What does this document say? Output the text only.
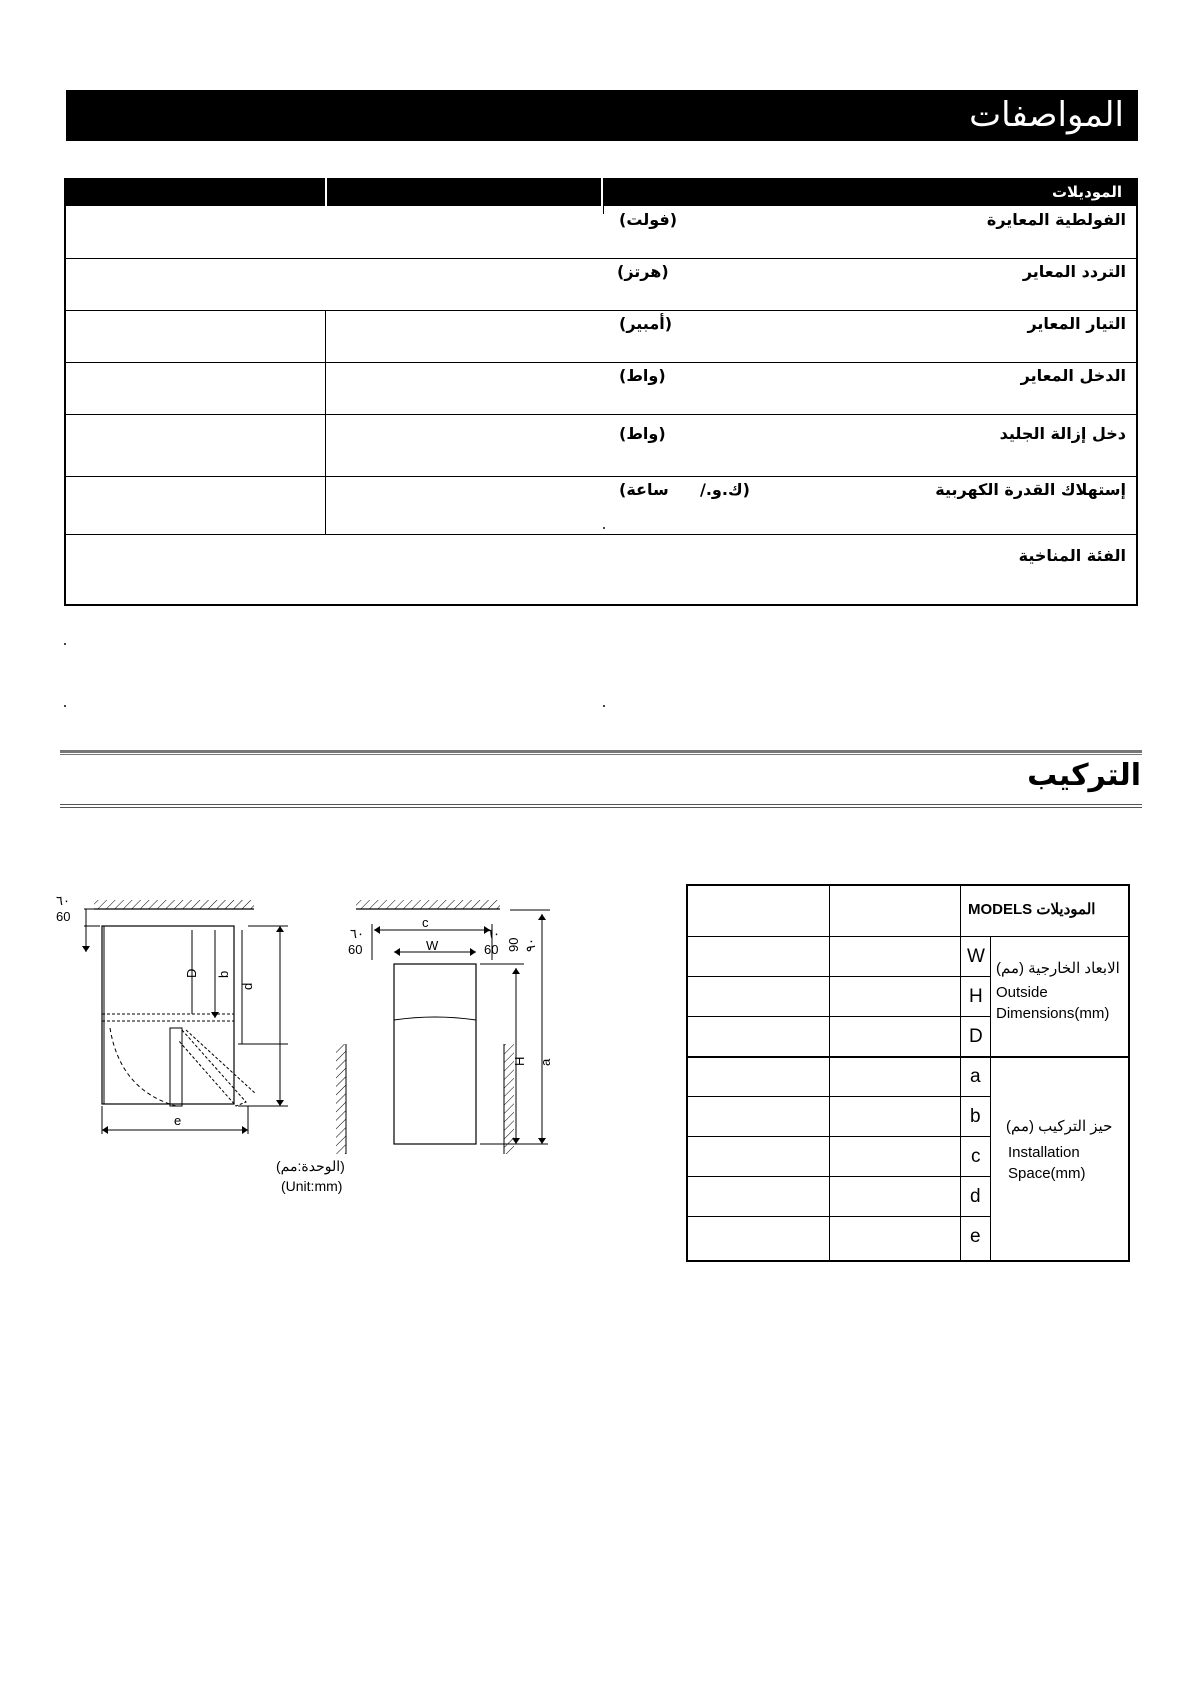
المواصفات
الموديلات
الفولطية المعايرة
(فولت)
التردد المعاير
(هرتز)
التيار المعاير
(أمبير)
الدخل المعاير
(واط)
دخل إزالة الجليد
(واط)
إستهلاك القدرة الكهربية
(ك.و./
ساعة)
الفئة المناخية
التركيب
٦٠
60
D b
d
e
c
W
٦٠
60
٦٠
60 90 ٩٠
H a
(الوحدة:مم)
(Unit:mm)
MODELS الموديلات
W
H
D
الابعاد الخارجية (مم)
Outside
Dimensions(mm)
a
b
c
d
e
حيز التركيب (مم)
Installation
Space(mm)
